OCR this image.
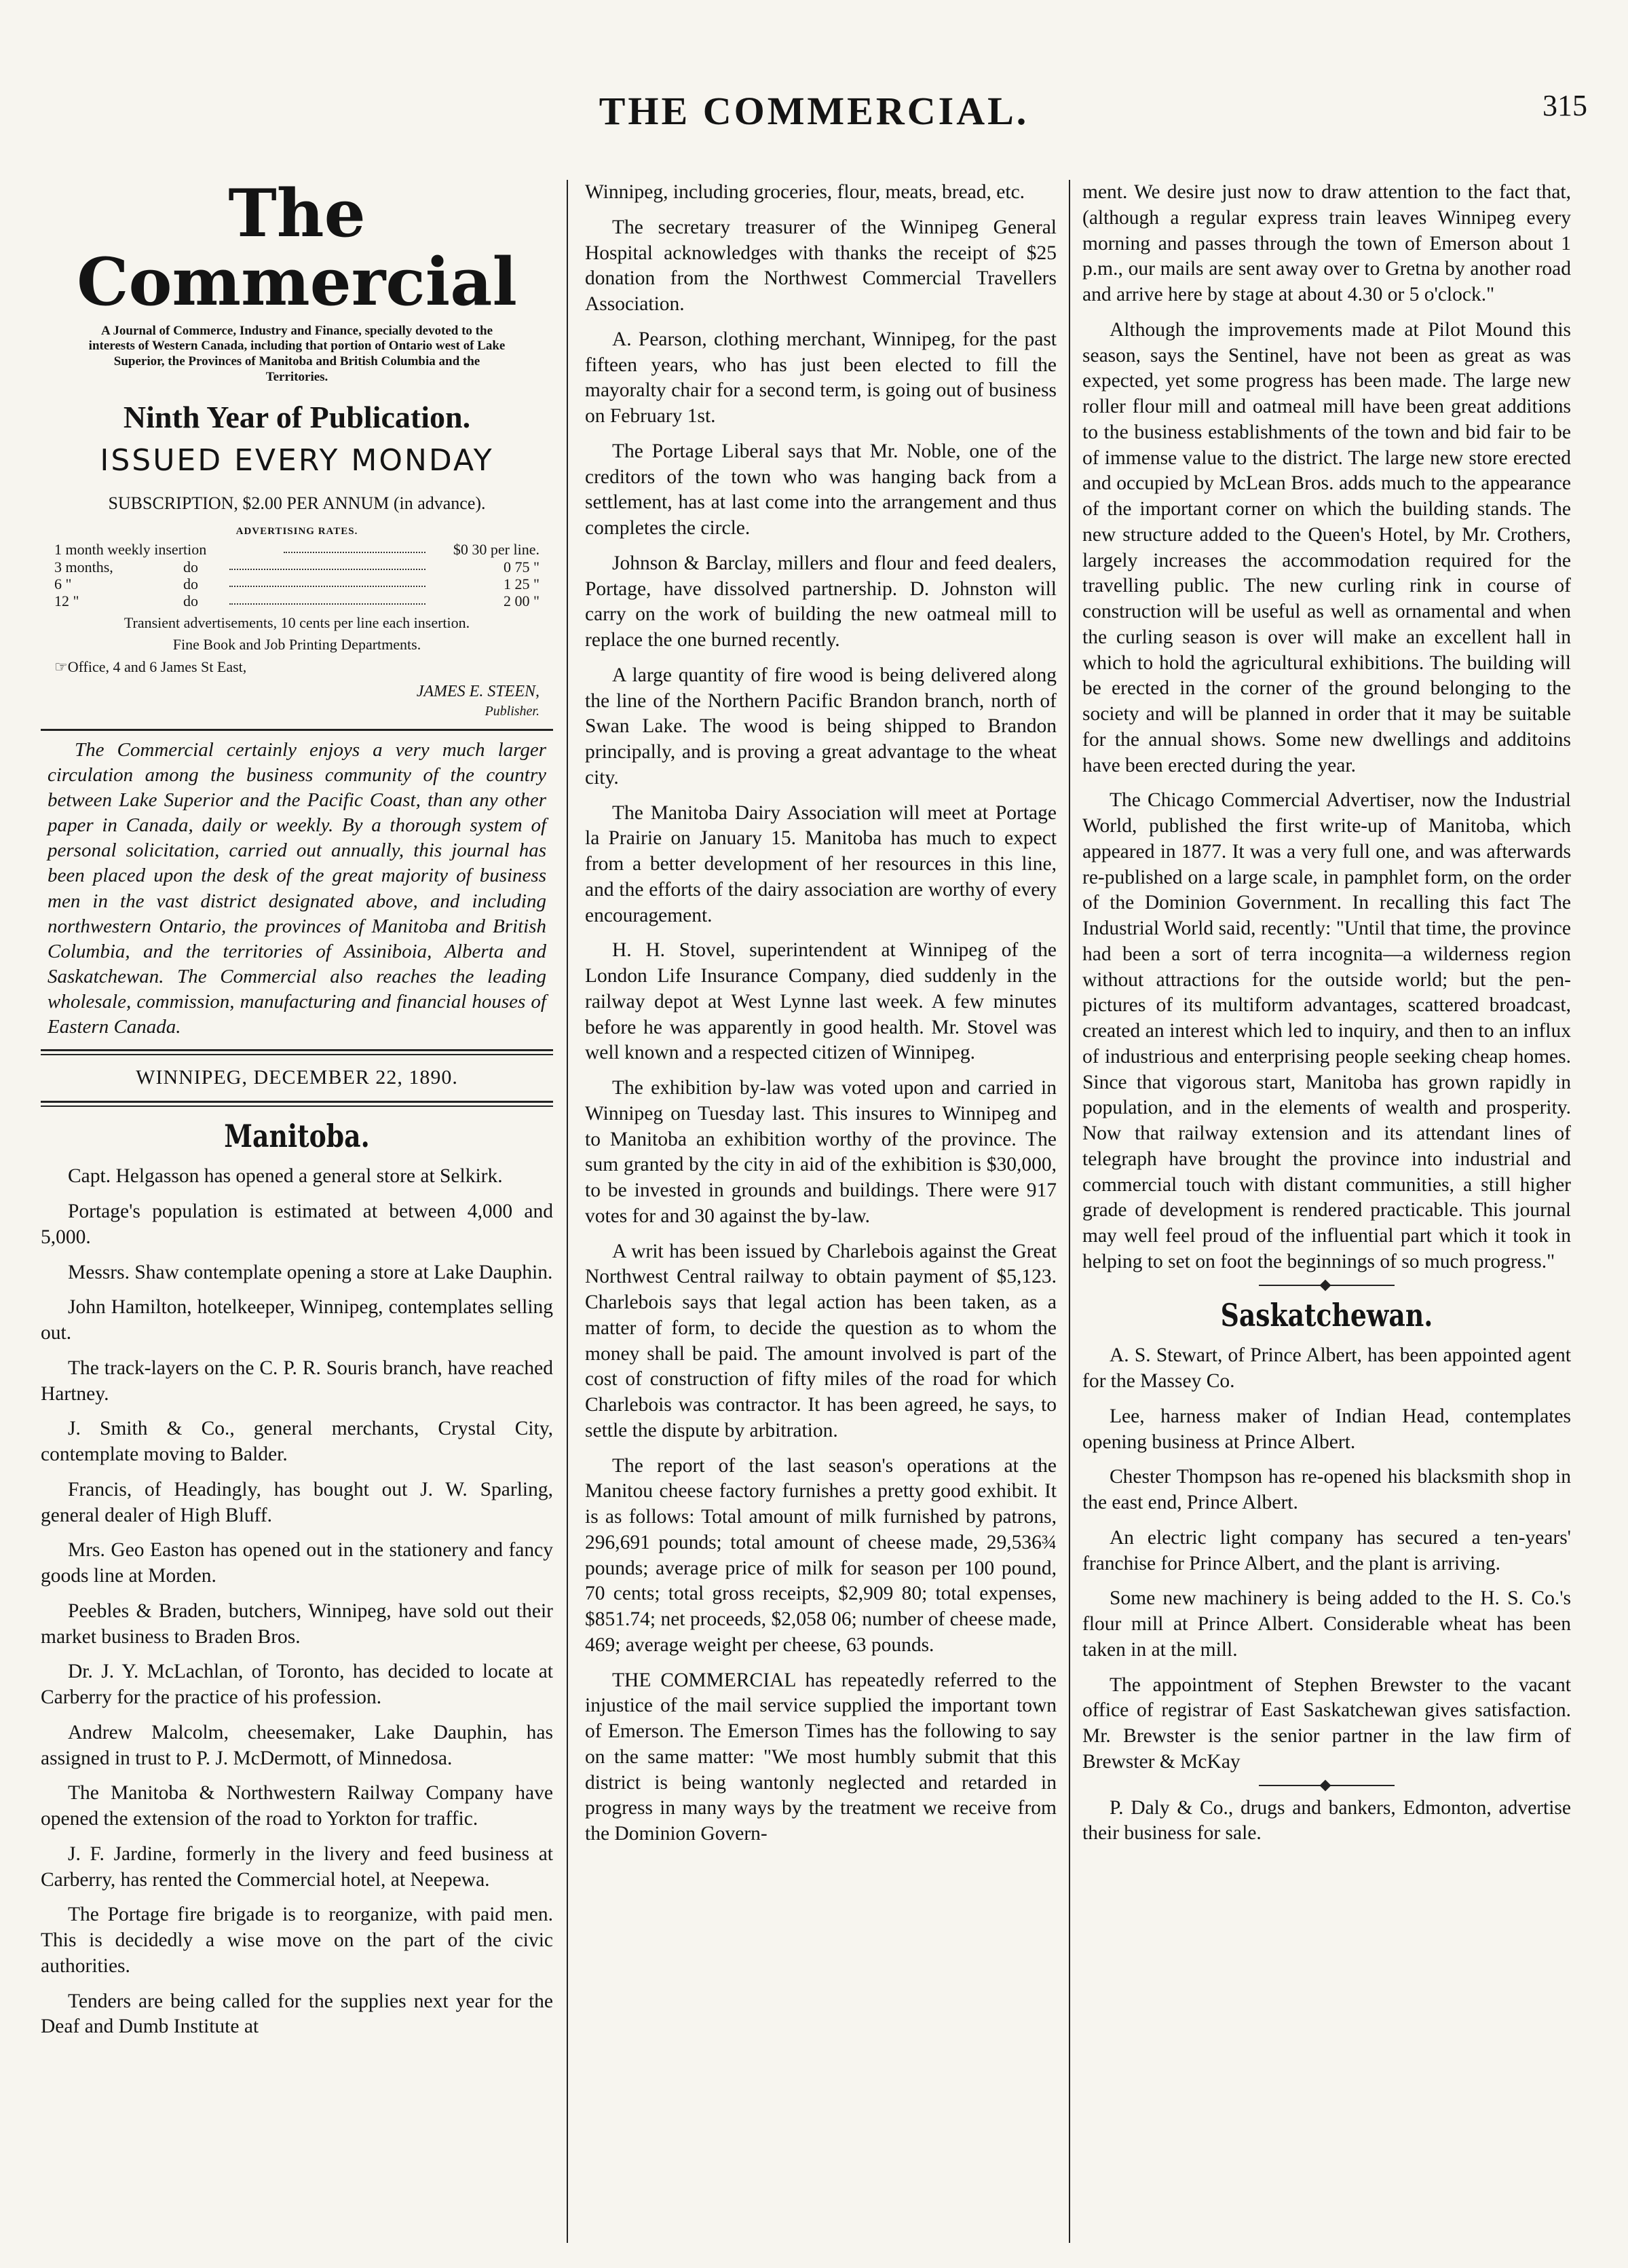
THE COMMERCIAL.	315
The Commercial
A Journal of Commerce, Industry and Finance, specially devoted to the interests of Western Canada, including that portion of Ontario west of Lake Superior, the Provinces of Manitoba and British Columbia and the Territories.
Ninth Year of Publication.
ISSUED EVERY MONDAY
SUBSCRIPTION, $2.00 PER ANNUM (in advance).
ADVERTISING RATES.
1 month weekly insertion	$0 30 per line.
3 months,	do	0 75 "
6 "	do	1 25 "
12 "	do	2 00 "
Transient advertisements, 10 cents per line each insertion.
Fine Book and Job Printing Departments.
☞Office, 4 and 6 James St East,
JAMES E. STEEN,
Publisher.
The Commercial certainly enjoys a very much larger circulation among the business community of the country between Lake Superior and the Pacific Coast, than any other paper in Canada, daily or weekly. By a thorough system of personal solicitation, carried out annually, this journal has been placed upon the desk of the great majority of business men in the vast district designated above, and including northwestern Ontario, the provinces of Manitoba and British Columbia, and the territories of Assiniboia, Alberta and Saskatchewan. The Commercial also reaches the leading wholesale, commission, manufacturing and financial houses of Eastern Canada.
WINNIPEG, DECEMBER 22, 1890.
Manitoba.

Capt. Helgasson has opened a general store at Selkirk.

Portage's population is estimated at between 4,000 and 5,000.

Messrs. Shaw contemplate opening a store at Lake Dauphin.

John Hamilton, hotelkeeper, Winnipeg, contemplates selling out.

The track-layers on the C. P. R. Souris branch, have reached Hartney.

J. Smith & Co., general merchants, Crystal City, contemplate moving to Balder.

Francis, of Headingly, has bought out J. W. Sparling, general dealer of High Bluff.

Mrs. Geo Easton has opened out in the stationery and fancy goods line at Morden.

Peebles & Braden, butchers, Winnipeg, have sold out their market business to Braden Bros.

Dr. J. Y. McLachlan, of Toronto, has decided to locate at Carberry for the practice of his profession.

Andrew Malcolm, cheesemaker, Lake Dauphin, has assigned in trust to P. J. McDermott, of Minnedosa.

The Manitoba & Northwestern Railway Company have opened the extension of the road to Yorkton for traffic.

J. F. Jardine, formerly in the livery and feed business at Carberry, has rented the Commercial hotel, at Neepewa.

The Portage fire brigade is to reorganize, with paid men. This is decidedly a wise move on the part of the civic authorities.

Tenders are being called for the supplies next year for the Deaf and Dumb Institute at

Winnipeg, including groceries, flour, meats, bread, etc.

The secretary treasurer of the Winnipeg General Hospital acknowledges with thanks the receipt of $25 donation from the Northwest Commercial Travellers Association.

A. Pearson, clothing merchant, Winnipeg, for the past fifteen years, who has just been elected to fill the mayoralty chair for a second term, is going out of business on February 1st.

The Portage Liberal says that Mr. Noble, one of the creditors of the town who was hanging back from a settlement, has at last come into the arrangement and thus completes the circle.

Johnson & Barclay, millers and flour and feed dealers, Portage, have dissolved partnership. D. Johnston will carry on the work of building the new oatmeal mill to replace the one burned recently.

A large quantity of fire wood is being delivered along the line of the Northern Pacific Brandon branch, north of Swan Lake. The wood is being shipped to Brandon principally, and is proving a great advantage to the wheat city.

The Manitoba Dairy Association will meet at Portage la Prairie on January 15. Manitoba has much to expect from a better development of her resources in this line, and the efforts of the dairy association are worthy of every encouragement.

H. H. Stovel, superintendent at Winnipeg of the London Life Insurance Company, died suddenly in the railway depot at West Lynne last week. A few minutes before he was apparently in good health. Mr. Stovel was well known and a respected citizen of Winnipeg.

The exhibition by-law was voted upon and carried in Winnipeg on Tuesday last. This insures to Winnipeg and to Manitoba an exhibition worthy of the province. The sum granted by the city in aid of the exhibition is $30,000, to be invested in grounds and buildings. There were 917 votes for and 30 against the by-law.

A writ has been issued by Charlebois against the Great Northwest Central railway to obtain payment of $5,123. Charlebois says that legal action has been taken, as a matter of form, to decide the question as to whom the money shall be paid. The amount involved is part of the cost of construction of fifty miles of the road for which Charlebois was contractor. It has been agreed, he says, to settle the dispute by arbitration.

The report of the last season's operations at the Manitou cheese factory furnishes a pretty good exhibit. It is as follows: Total amount of milk furnished by patrons, 296,691 pounds; total amount of cheese made, 29,536¾ pounds; average price of milk for season per 100 pound, 70 cents; total gross receipts, $2,909 80; total expenses, $851.74; net proceeds, $2,058 06; number of cheese made, 469; average weight per cheese, 63 pounds.

THE COMMERCIAL has repeatedly referred to the injustice of the mail service supplied the important town of Emerson. The Emerson Times has the following to say on the same matter: "We most humbly submit that this district is being wantonly neglected and retarded in progress in many ways by the treatment we receive from the Dominion Govern-

ment. We desire just now to draw attention to the fact that, (although a regular express train leaves Winnipeg every morning and passes through the town of Emerson about 1 p.m., our mails are sent away over to Gretna by another road and arrive here by stage at about 4.30 or 5 o'clock."

Although the improvements made at Pilot Mound this season, says the Sentinel, have not been as great as was expected, yet some progress has been made. The large new roller flour mill and oatmeal mill have been great additions to the business establishments of the town and bid fair to be of immense value to the district. The large new store erected and occupied by McLean Bros. adds much to the appearance of the important corner on which the building stands. The new structure added to the Queen's Hotel, by Mr. Crothers, largely increases the accommodation required for the travelling public. The new curling rink in course of construction will be useful as well as ornamental and when the curling season is over will make an excellent hall in which to hold the agricultural exhibitions. The building will be erected in the corner of the ground belonging to the society and will be planned in order that it may be suitable for the annual shows. Some new dwellings and additoins have been erected during the year.

The Chicago Commercial Advertiser, now the Industrial World, published the first write-up of Manitoba, which appeared in 1877. It was a very full one, and was afterwards re-published on a large scale, in pamphlet form, on the order of the Dominion Government. In recalling this fact The Industrial World said, recently: "Until that time, the province had been a sort of terra incognita—a wilderness region without attractions for the outside world; but the pen-pictures of its multiform advantages, scattered broadcast, created an interest which led to inquiry, and then to an influx of industrious and enterprising people seeking cheap homes. Since that vigorous start, Manitoba has grown rapidly in population, and in the elements of wealth and prosperity. Now that railway extension and its attendant lines of telegraph have brought the province into industrial and commercial touch with distant communities, a still higher grade of development is rendered practicable. This journal may well feel proud of the influential part which it took in helping to set on foot the beginnings of so much progress."

Saskatchewan.

A. S. Stewart, of Prince Albert, has been appointed agent for the Massey Co.

Lee, harness maker of Indian Head, contemplates opening business at Prince Albert.

Chester Thompson has re-opened his blacksmith shop in the east end, Prince Albert.

An electric light company has secured a ten-years' franchise for Prince Albert, and the plant is arriving.

Some new machinery is being added to the H. S. Co.'s flour mill at Prince Albert. Considerable wheat has been taken in at the mill.

The appointment of Stephen Brewster to the vacant office of registrar of East Saskatchewan gives satisfaction. Mr. Brewster is the senior partner in the law firm of Brewster & McKay

P. Daly & Co., drugs and bankers, Edmonton, advertise their business for sale.
